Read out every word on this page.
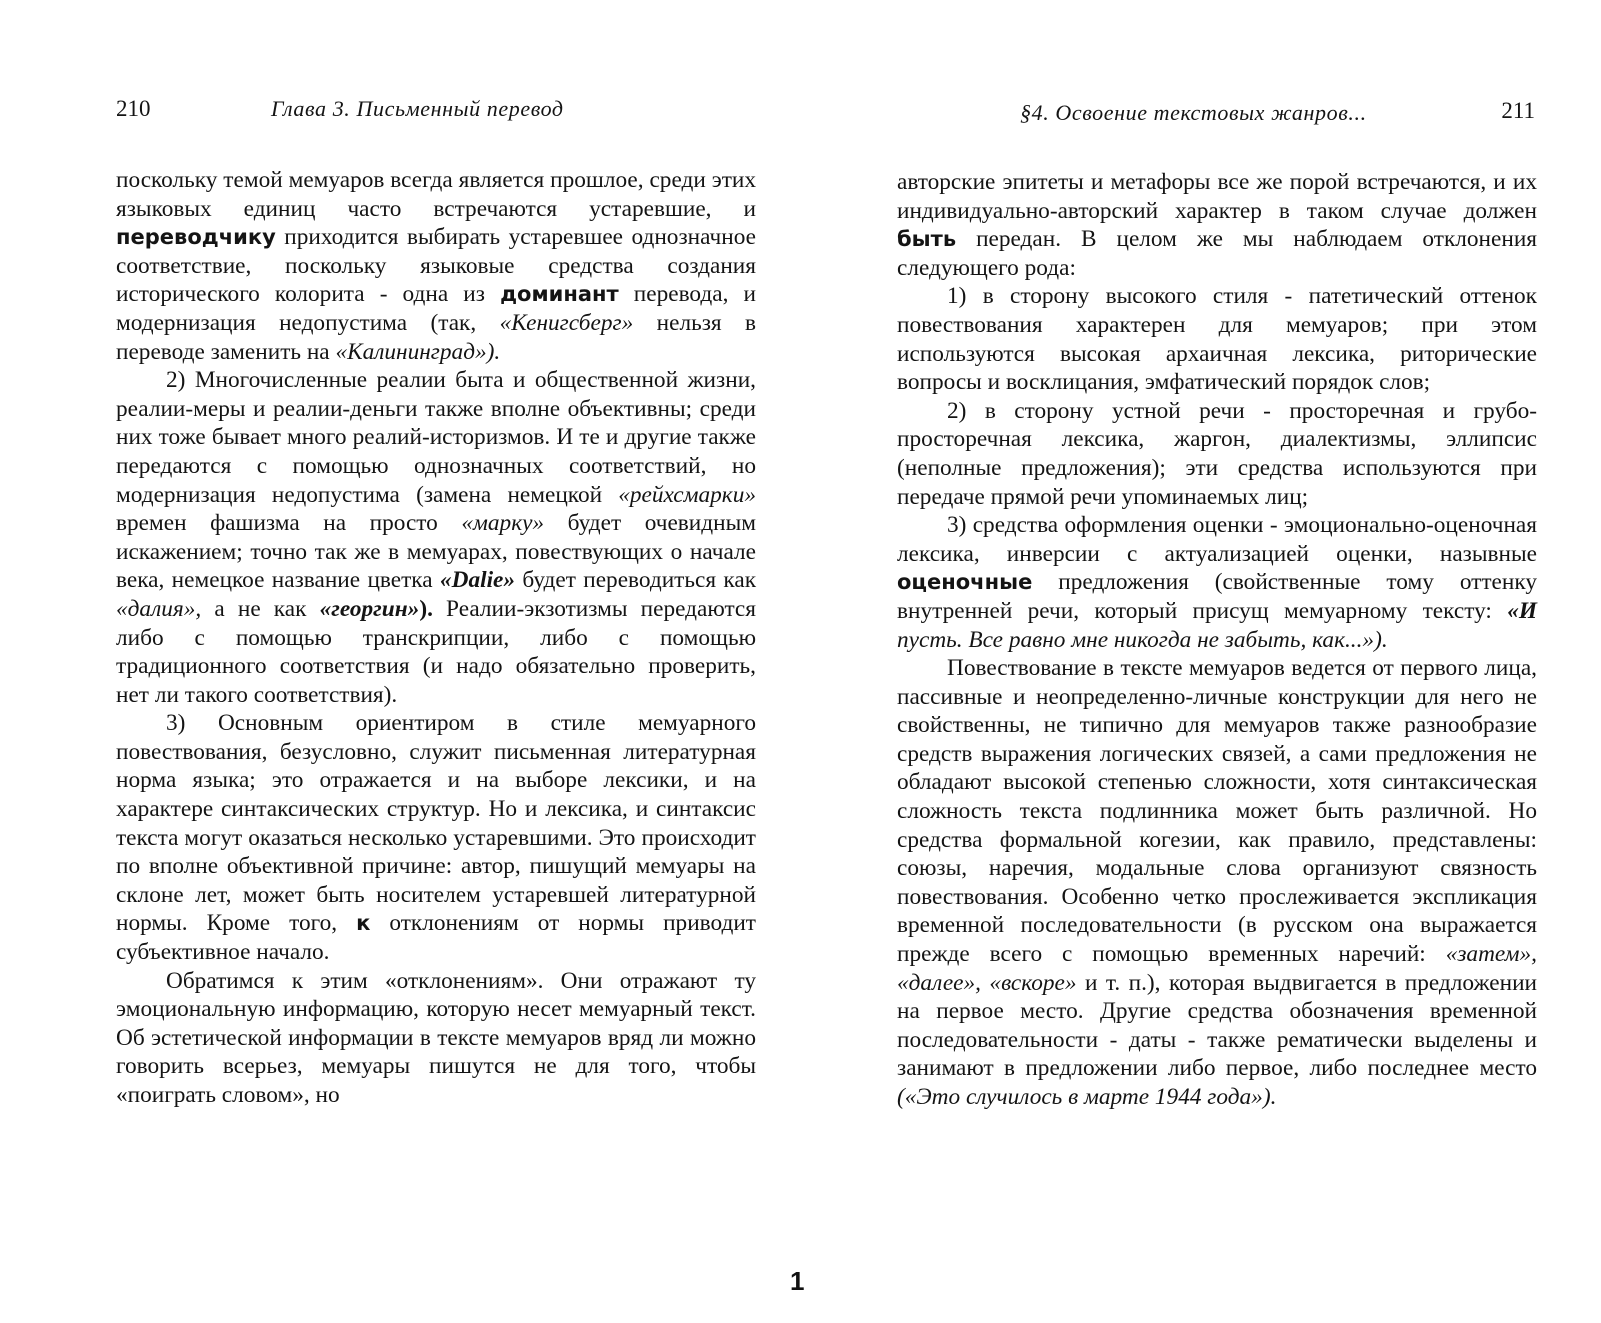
210	Глава 3. Письменный перевод

поскольку темой мемуаров всегда является прошлое, среди этих языковых единиц часто встречаются устаревшие, и переводчику приходится выбирать устаревшее однозначное соответствие, поскольку языковые средства создания исторического колорита - одна из доминант перевода, и модернизация недопустима (так, «Кенигсберг» нельзя в переводе заменить на «Калининград»).

2) Многочисленные реалии быта и общественной жизни, реалии-меры и реалии-деньги также вполне объективны; среди них тоже бывает много реалий-историзмов. И те и другие также передаются с помощью однозначных соответствий, но модернизация недопустима (замена немецкой «рейхсмарки» времен фашизма на просто «марку» будет очевидным искажением; точно так же в мемуарах, повествующих о начале века, немецкое название цветка «Dalie» будет переводиться как «далия», а не как «георгин»). Реалии-экзотизмы передаются либо с помощью транскрипции, либо с помощью традиционного соответствия (и надо обязательно проверить, нет ли такого соответствия).

3) Основным ориентиром в стиле мемуарного повествования, безусловно, служит письменная литературная норма языка; это отражается и на выборе лексики, и на характере синтаксических структур. Но и лексика, и синтаксис текста могут оказаться несколько устаревшими. Это происходит по вполне объективной причине: автор, пишущий мемуары на склоне лет, может быть носителем устаревшей литературной нормы. Кроме того, к отклонениям от нормы приводит субъективное начало.

Обратимся к этим «отклонениям». Они отражают ту эмоциональную информацию, которую несет мемуарный текст. Об эстетической информации в тексте мемуаров вряд ли можно говорить всерьез, мемуары пишутся не для того, чтобы «поиграть словом», но

§4. Освоение текстовых жанров...	211

авторские эпитеты и метафоры все же порой встречаются, и их индивидуально-авторский характер в таком случае должен быть передан. В целом же мы наблюдаем отклонения следующего рода:

1) в сторону высокого стиля - патетический оттенок повествования характерен для мемуаров; при этом используются высокая архаичная лексика, риторические вопросы и восклицания, эмфатический порядок слов;

2) в сторону устной речи - просторечная и грубо-просторечная лексика, жаргон, диалектизмы, эллипсис (неполные предложения); эти средства используются при передаче прямой речи упоминаемых лиц;

3) средства оформления оценки - эмоционально-оценочная лексика, инверсии с актуализацией оценки, назывные оценочные предложения (свойственные тому оттенку внутренней речи, который присущ мемуарному тексту: «И пусть. Все равно мне никогда не забыть, как...»).

Повествование в тексте мемуаров ведется от первого лица, пассивные и неопределенно-личные конструкции для него не свойственны, не типично для мемуаров также разнообразие средств выражения логических связей, а сами предложения не обладают высокой степенью сложности, хотя синтаксическая сложность текста подлинника может быть различной. Но средства формальной когезии, как правило, представлены: союзы, наречия, модальные слова организуют связность повествования. Особенно четко прослеживается экспликация временной последовательности (в русском она выражается прежде всего с помощью временных наречий: «затем», «далее», «вскоре» и т. п.), которая выдвигается в предложении на первое место. Другие средства обозначения временной последовательности - даты - также рематически выделены и занимают в предложении либо первое, либо последнее место («Это случилось в марте 1944 года»).

1
